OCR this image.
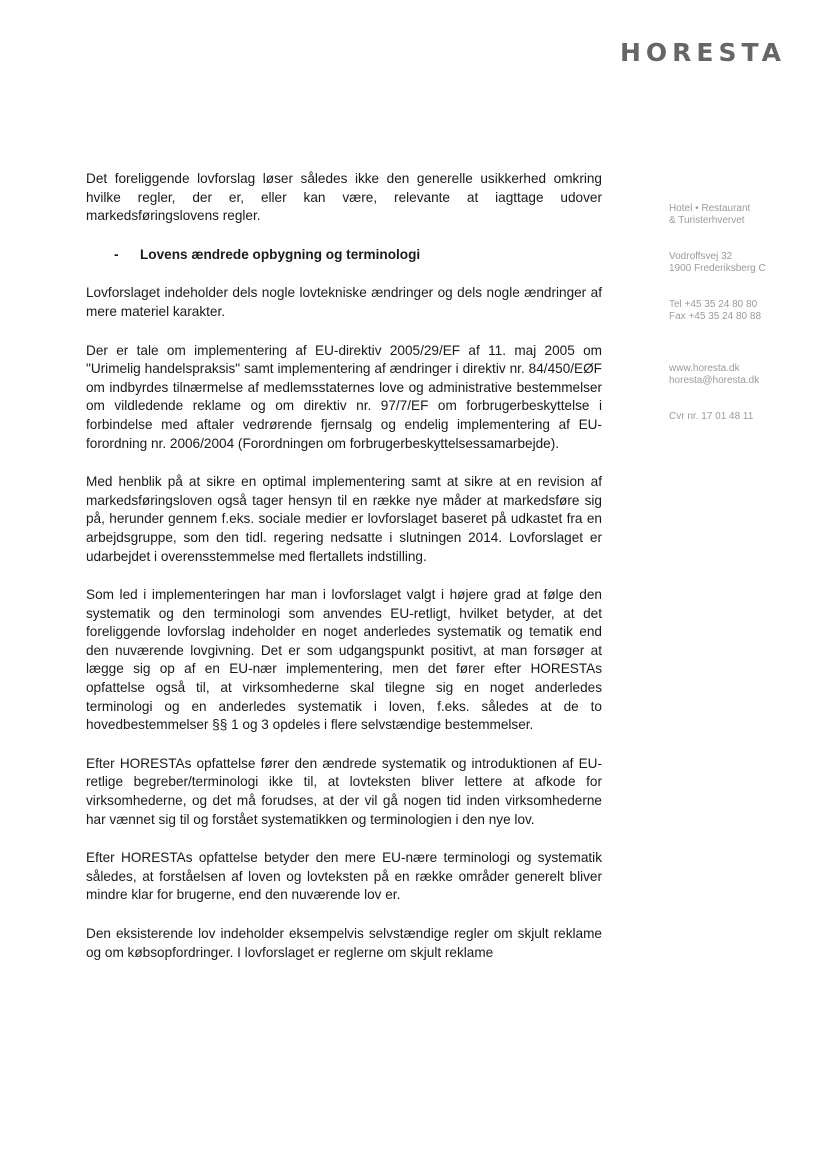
HORESTA
Hotel • Restaurant
& Turisterhvervet
Vodroffsvej 32
1900 Frederiksberg C
Tel +45 35 24 80 80
Fax +45 35 24 80 88
www.horesta.dk
horesta@horesta.dk
Cvr nr. 17 01 48 11

Det foreliggende lovforslag løser således ikke den generelle usikkerhed omkring hvilke regler, der er, eller kan være, relevante at iagttage udover markedsføringslovens regler.

-	Lovens ændrede opbygning og terminologi

Lovforslaget indeholder dels nogle lovtekniske ændringer og dels nogle ændringer af mere materiel karakter.

Der er tale om implementering af EU-direktiv 2005/29/EF af 11. maj 2005 om "Urimelig handelspraksis" samt implementering af ændringer i direktiv nr. 84/450/EØF om indbyrdes tilnærmelse af medlemsstaternes love og administrative bestemmelser om vildledende reklame og om direktiv nr. 97/7/EF om forbrugerbeskyttelse i forbindelse med aftaler vedrørende fjernsalg og endelig implementering af EU-forordning nr. 2006/2004 (Forordningen om forbrugerbeskyttelsessamarbejde).

Med henblik på at sikre en optimal implementering samt at sikre at en revision af markedsføringsloven også tager hensyn til en række nye måder at markedsføre sig på, herunder gennem f.eks. sociale medier er lovforslaget baseret på udkastet fra en arbejdsgruppe, som den tidl. regering nedsatte i slutningen 2014. Lovforslaget er udarbejdet i overensstemmelse med flertallets indstilling.

Som led i implementeringen har man i lovforslaget valgt i højere grad at følge den systematik og den terminologi som anvendes EU-retligt, hvilket betyder, at det foreliggende lovforslag indeholder en noget anderledes systematik og tematik end den nuværende lovgivning. Det er som udgangspunkt positivt, at man forsøger at lægge sig op af en EU-nær implementering, men det fører efter HORESTAs opfattelse også til, at virksomhederne skal tilegne sig en noget anderledes terminologi og en anderledes systematik i loven, f.eks. således at de to hovedbestemmelser §§ 1 og 3 opdeles i flere selvstændige bestemmelser.

Efter HORESTAs opfattelse fører den ændrede systematik og introduktionen af EU-retlige begreber/terminologi ikke til, at lovteksten bliver lettere at afkode for virksomhederne, og det må forudses, at der vil gå nogen tid inden virksomhederne har vænnet sig til og forstået systematikken og terminologien i den nye lov.

Efter HORESTAs opfattelse betyder den mere EU-nære terminologi og systematik således, at forståelsen af loven og lovteksten på en række områder generelt bliver mindre klar for brugerne, end den nuværende lov er.

Den eksisterende lov indeholder eksempelvis selvstændige regler om skjult reklame og om købsopfordringer. I lovforslaget er reglerne om skjult reklame
